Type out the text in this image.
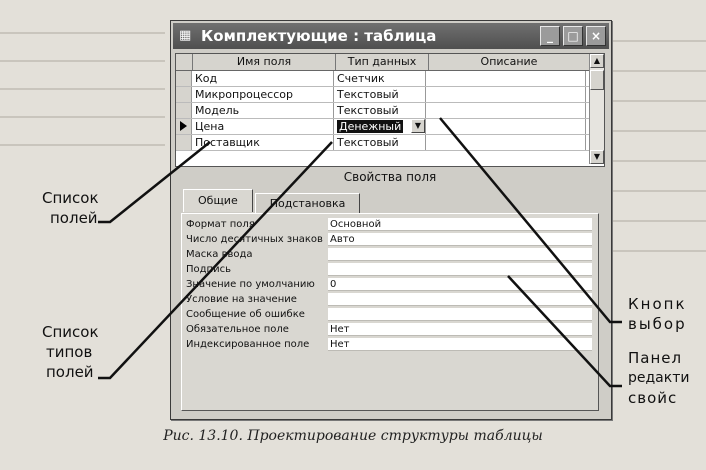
▦ Комплектующие : таблица	_	□	×
Имя поля	Тип данных	Описание
Код	Счетчик
Микропроцессор	Текстовый
Модель	Текстовый
Цена	Денежный	▼
Поставщик	Текстовый
▲
▼
Свойства поля
Общие	Подстановка
Формат поля	Основной
Число десятичных знаков Авто
Маска ввода
Подпись
Значение по умолчанию	0
Условие на значение
Сообщение об ошибке
Обязательное поле	Нет
Индексированное поле	Нет
Список
полей
Список
типов
полей
Кнопк
выбор
Панел
редакти
свойс
Рис. 13.10. Проектирование структуры таблицы
